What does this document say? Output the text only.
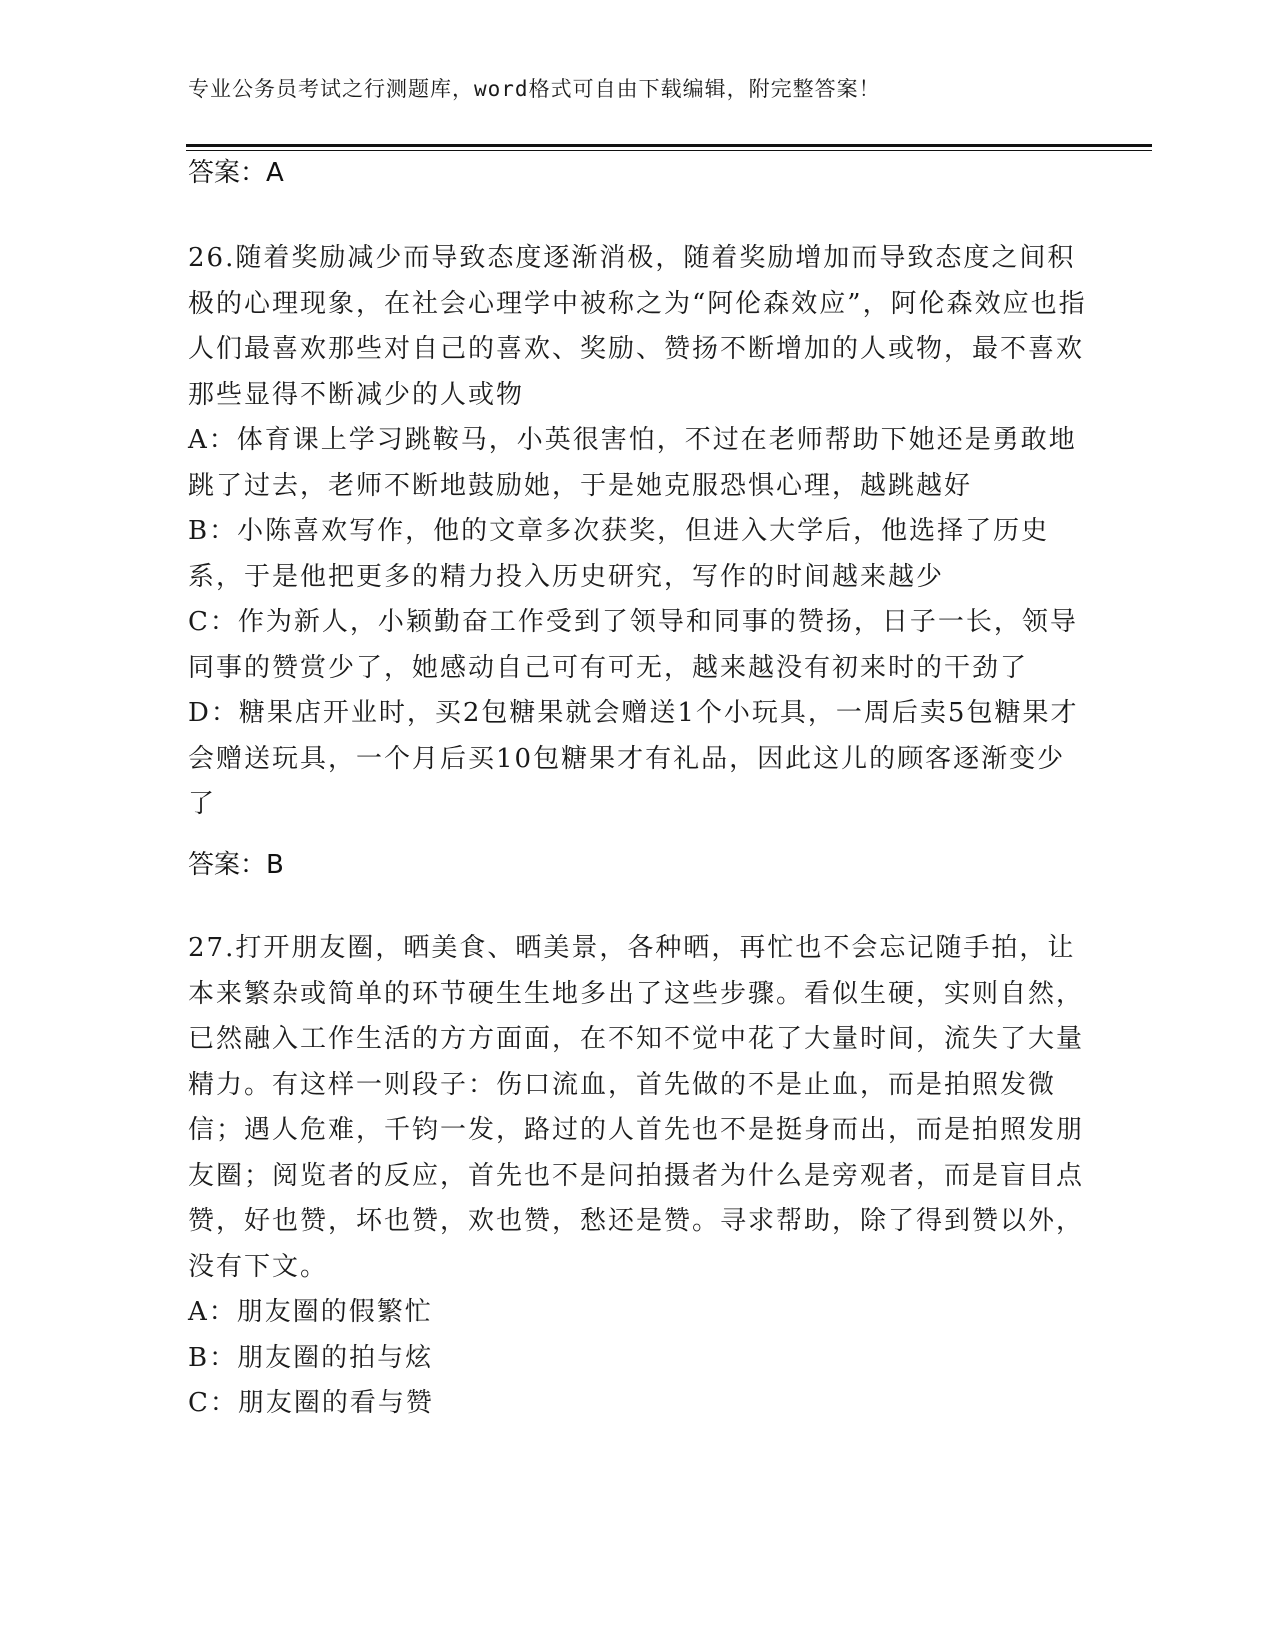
专业公务员考试之行测题库，word格式可自由下载编辑，附完整答案！
答案：A

26.随着奖励减少而导致态度逐渐消极，随着奖励增加而导致态度之间积极的心理现象，在社会心理学中被称之为“阿伦森效应”，阿伦森效应也指人们最喜欢那些对自己的喜欢、奖励、赞扬不断增加的人或物，最不喜欢那些显得不断减少的人或物

A：体育课上学习跳鞍马，小英很害怕，不过在老师帮助下她还是勇敢地跳了过去，老师不断地鼓励她，于是她克服恐惧心理，越跳越好

B：小陈喜欢写作，他的文章多次获奖，但进入大学后，他选择了历史系，于是他把更多的精力投入历史研究，写作的时间越来越少

C：作为新人，小颖勤奋工作受到了领导和同事的赞扬，日子一长，领导同事的赞赏少了，她感动自己可有可无，越来越没有初来时的干劲了

D：糖果店开业时，买2包糖果就会赠送1个小玩具，一周后卖5包糖果才会赠送玩具，一个月后买10包糖果才有礼品，因此这儿的顾客逐渐变少了

答案：B

27.打开朋友圈，晒美食、晒美景，各种晒，再忙也不会忘记随手拍，让本来繁杂或简单的环节硬生生地多出了这些步骤。看似生硬，实则自然，已然融入工作生活的方方面面，在不知不觉中花了大量时间，流失了大量精力。有这样一则段子：伤口流血，首先做的不是止血，而是拍照发微信；遇人危难，千钧一发，路过的人首先也不是挺身而出，而是拍照发朋友圈；阅览者的反应，首先也不是问拍摄者为什么是旁观者，而是盲目点赞，好也赞，坏也赞，欢也赞，愁还是赞。寻求帮助，除了得到赞以外，没有下文。

A：朋友圈的假繁忙

B：朋友圈的拍与炫

C：朋友圈的看与赞
